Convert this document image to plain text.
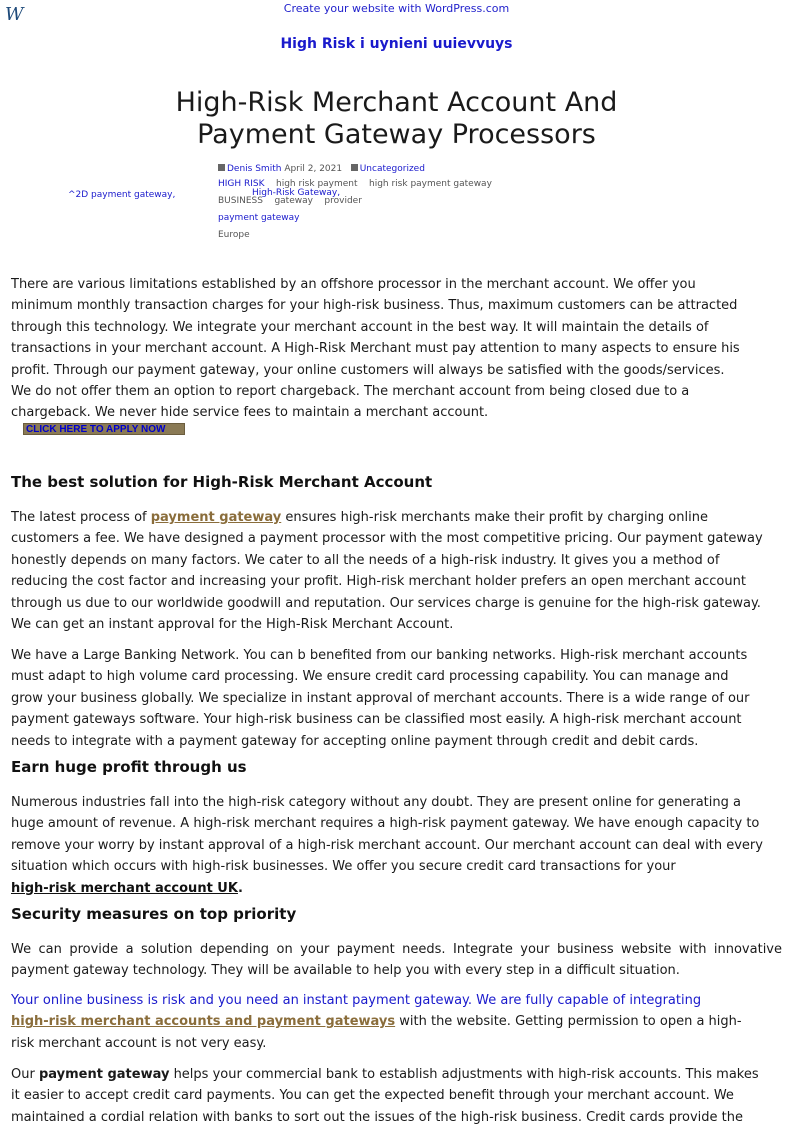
W	Create your website with WordPress.com
High Risk i uynieni uuievvuys
High-Risk Merchant Account And
Payment Gateway Processors
Denis Smith April 2, 2021 Uncategorized
HIGH RISK high risk payment high risk payment gateway
High-Risk Gateway,
BUSINESS gateway provider
payment gateway
Europe
^2D payment gateway,

There are various limitations established by an offshore processor in the merchant account. We offer you

minimum monthly transaction charges for your high-risk business. Thus, maximum customers can be attracted

through this technology. We integrate your merchant account in the best way. It will maintain the details of

transactions in your merchant account. A High-Risk Merchant must pay attention to many aspects to ensure his

profit. Through our payment gateway, your online customers will always be satisfied with the goods/services.

We do not offer them an option to report chargeback. The merchant account from being closed due to a

chargeback. We never hide service fees to maintain a merchant account.

CLICK HERE TO APPLY NOW
The best solution for High-Risk Merchant Account

The latest process of payment gateway ensures high-risk merchants make their profit by charging online

customers a fee. We have designed a payment processor with the most competitive pricing. Our payment gateway

honestly depends on many factors. We cater to all the needs of a high-risk industry. It gives you a method of

reducing the cost factor and increasing your profit. High-risk merchant holder prefers an open merchant account

through us due to our worldwide goodwill and reputation. Our services charge is genuine for the high-risk gateway.

We can get an instant approval for the High-Risk Merchant Account.

We have a Large Banking Network. You can b benefited from our banking networks. High-risk merchant accounts

must adapt to high volume card processing. We ensure credit card processing capability. You can manage and

grow your business globally. We specialize in instant approval of merchant accounts. There is a wide range of our

payment gateways software. Your high-risk business can be classified most easily. A high-risk merchant account

needs to integrate with a payment gateway for accepting online payment through credit and debit cards.

Earn huge profit through us

Numerous industries fall into the high-risk category without any doubt. They are present online for generating a

huge amount of revenue. A high-risk merchant requires a high-risk payment gateway. We have enough capacity to

remove your worry by instant approval of a high-risk merchant account. Our merchant account can deal with every

situation which occurs with high-risk businesses. We offer you secure credit card transactions for your

high-risk merchant account UK.

Security measures on top priority

We can provide a solution depending on your payment needs. Integrate your business website with innovative

payment gateway technology. They will be available to help you with every step in a difficult situation.

Your online business is risk and you need an instant payment gateway. We are fully capable of integrating

high-risk merchant accounts and payment gateways with the website. Getting permission to open a high-

risk merchant account is not very easy.

Our payment gateway helps your commercial bank to establish adjustments with high-risk accounts. This makes

it easier to accept credit card payments. You can get the expected benefit through your merchant account. We

maintained a cordial relation with banks to sort out the issues of the high-risk business. Credit cards provide the
